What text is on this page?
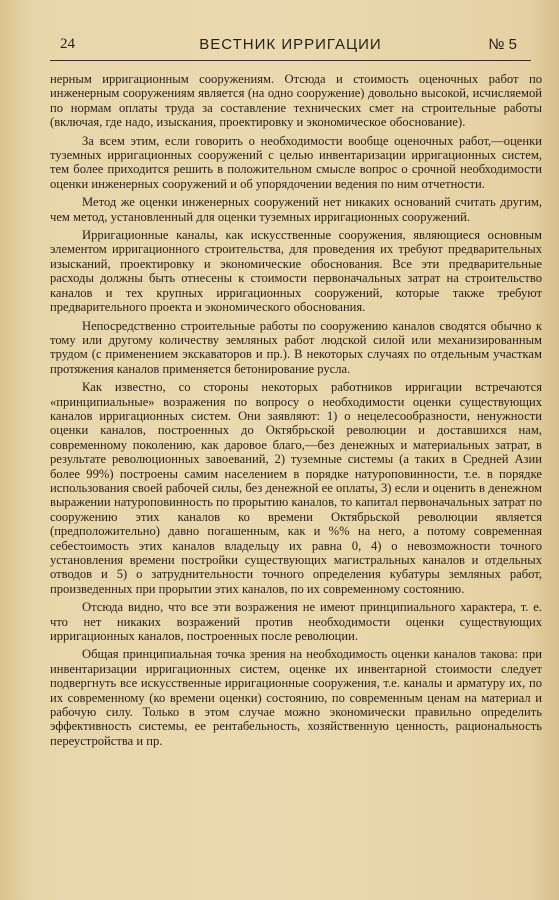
24	ВЕСТНИК ИРРИГАЦИИ	№ 5

нерным ирригационным сооружениям. Отсюда и стоимость оценочных работ по инженерным сооружениям является (на одно сооружение) довольно высокой, исчисляемой по нормам оплаты труда за составление технических смет на строительные работы (включая, где надо, изыскания, проектировку и экономическое обоснование).

За всем этим, если говорить о необходимости вообще оценочных работ,—оценки туземных ирригационных сооружений с целью инвентаризации ирригационных систем, тем более приходится решить в положительном смысле вопрос о срочной необходимости оценки инженерных сооружений и об упорядочении ведения по ним отчетности.

Метод же оценки инженерных сооружений нет никаких оснований считать другим, чем метод, установленный для оценки туземных ирригационных сооружений.

Ирригационные каналы, как искусственные сооружения, являющиеся основным элементом ирригационного строительства, для проведения их требуют предварительных изысканий, проектировку и экономические обоснования. Все эти предварительные расходы должны быть отнесены к стоимости первоначальных затрат на строительство каналов и тех крупных ирригационных сооружений, которые также требуют предварительного проекта и экономического обоснования.

Непосредственно строительные работы по сооружению каналов сводятся обычно к тому или другому количеству земляных работ людской силой или механизированным трудом (с применением экскаваторов и пр.). В некоторых случаях по отдельным участкам протяжения каналов применяется бетонирование русла.

Как известно, со стороны некоторых работников ирригации встречаются «принципиальные» возражения по вопросу о необходимости оценки существующих каналов ирригационных систем. Они заявляют: 1) о нецелесообразности, ненужности оценки каналов, построенных до Октябрьской революции и доставшихся нам, современному поколению, как даровое благо,—без денежных и материальных затрат, в результате революционных завоеваний, 2) туземные системы (а таких в Средней Азии более 99%) построены самим населением в порядке натуроповинности, т.е. в порядке использования своей рабочей силы, без денежной ее оплаты, 3) если и оценить в денежном выражении натуроповинность по прорытию каналов, то капитал первоначальных затрат по сооружению этих каналов ко времени Октябрьской революции является (предположительно) давно погашенным, как и %% на него, а потому современная себестоимость этих каналов владельцу их равна 0, 4) о невозможности точного установления времени постройки существующих магистральных каналов и отдельных отводов и 5) о затруднительности точного определения кубатуры земляных работ, произведенных при прорытии этих каналов, по их современному состоянию.

Отсюда видно, что все эти возражения не имеют принципиального характера, т. е. что нет никаких возражений против необходимости оценки существующих ирригационных каналов, построенных после революции.

Общая принципиальная точка зрения на необходимость оценки каналов такова: при инвентаризации ирригационных систем, оценке их инвентарной стоимости следует подвергнуть все искусственные ирригационные сооружения, т.е. каналы и арматуру их, по их современному (ко времени оценки) состоянию, по современным ценам на материал и рабочую силу. Только в этом случае можно экономически правильно определить эффективность системы, ее рентабельность, хозяйственную ценность, рациональность переустройства и пр.
